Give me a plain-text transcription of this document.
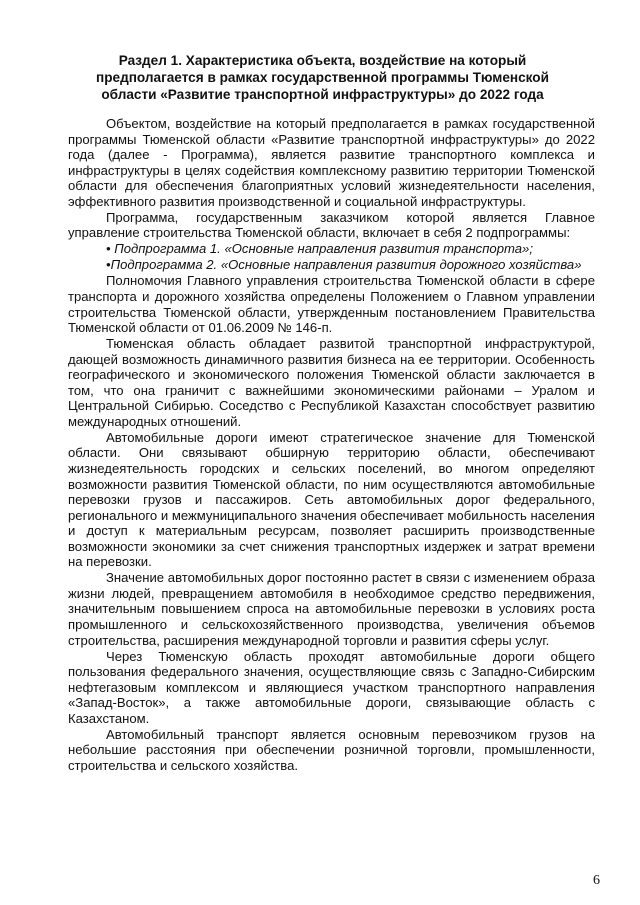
Раздел 1. Характеристика объекта, воздействие на который предполагается в рамках государственной программы Тюменской области «Развитие транспортной инфраструктуры» до 2022 года

Объектом, воздействие на который предполагается в рамках государственной программы Тюменской области «Развитие транспортной инфраструктуры» до 2022 года (далее - Программа), является развитие транспортного комплекса и инфраструктуры в целях содействия комплексному развитию территории Тюменской области для обеспечения благоприятных условий жизнедеятельности населения, эффективного развития производственной и социальной инфраструктуры.

Программа, государственным заказчиком которой является Главное управление строительства Тюменской области, включает в себя 2 подпрограммы:

• Подпрограмма 1. «Основные направления развития транспорта»;

•Подпрограмма 2. «Основные направления развития дорожного хозяйства»

Полномочия Главного управления строительства Тюменской области в сфере транспорта и дорожного хозяйства определены Положением о Главном управлении строительства Тюменской области, утвержденным постановлением Правительства Тюменской области от 01.06.2009 № 146-п.

Тюменская область обладает развитой транспортной инфраструктурой, дающей возможность динамичного развития бизнеса на ее территории. Особенность географического и экономического положения Тюменской области заключается в том, что она граничит с важнейшими экономическими районами – Уралом и Центральной Сибирью. Соседство с Республикой Казахстан способствует развитию международных отношений.

Автомобильные дороги имеют стратегическое значение для Тюменской области. Они связывают обширную территорию области, обеспечивают жизнедеятельность городских и сельских поселений, во многом определяют возможности развития Тюменской области, по ним осуществляются автомобильные перевозки грузов и пассажиров. Сеть автомобильных дорог федерального, регионального и межмуниципального значения обеспечивает мобильность населения и доступ к материальным ресурсам, позволяет расширить производственные возможности экономики за счет снижения транспортных издержек и затрат времени на перевозки.

Значение автомобильных дорог постоянно растет в связи с изменением образа жизни людей, превращением автомобиля в необходимое средство передвижения, значительным повышением спроса на автомобильные перевозки в условиях роста промышленного и сельскохозяйственного производства, увеличения объемов строительства, расширения международной торговли и развития сферы услуг.

Через Тюменскую область проходят автомобильные дороги общего пользования федерального значения, осуществляющие связь с Западно-Сибирским нефтегазовым комплексом и являющиеся участком транспортного направления «Запад-Восток», а также автомобильные дороги, связывающие область с Казахстаном.

Автомобильный транспорт является основным перевозчиком грузов на небольшие расстояния при обеспечении розничной торговли, промышленности, строительства и сельского хозяйства.

6
